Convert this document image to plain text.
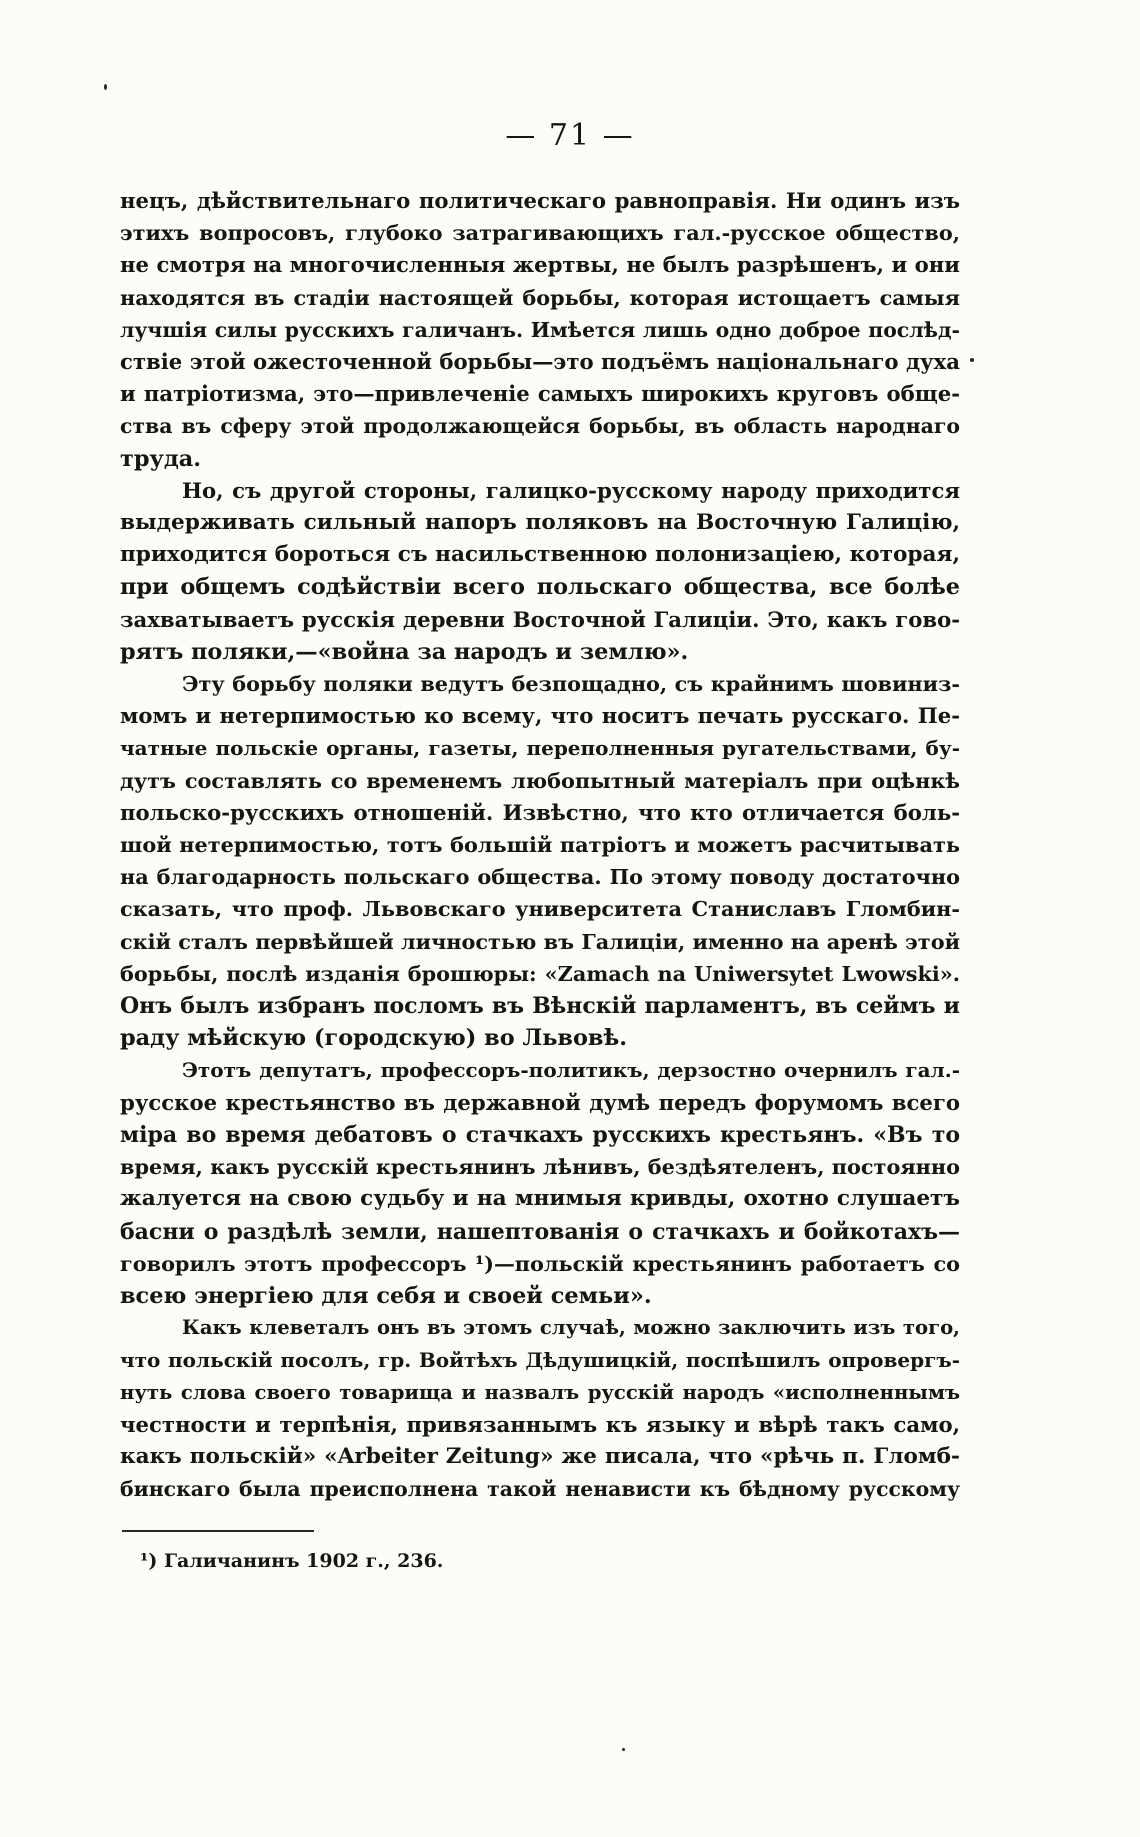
— 71 —
нецъ, дѣйствительнаго политическаго равноправія. Ни одинъ изъ
этихъ вопросовъ, глубоко затрагивающихъ гал.-русское общество,
не смотря на многочисленныя жертвы, не былъ разрѣшенъ, и они
находятся въ стадіи настоящей борьбы, которая истощаетъ самыя
лучшія силы русскихъ галичанъ. Имѣется лишь одно доброе послѣд-
ствіе этой ожесточенной борьбы—это подъёмъ національнаго духа
и патріотизма, это—привлеченіе самыхъ широкихъ круговъ обще-
ства въ сферу этой продолжающейся борьбы, въ область народнаго
труда.
Но, съ другой стороны, галицко-русскому народу приходится
выдерживать сильный напоръ поляковъ на Восточную Галицію,
приходится бороться съ насильственною полонизаціею, которая,
при общемъ содѣйствіи всего польскаго общества, все болѣе
захватываетъ русскія деревни Восточной Галиціи. Это, какъ гово-
рятъ поляки,—«война за народъ и землю».
Эту борьбу поляки ведутъ безпощадно, съ крайнимъ шовиниз-
момъ и нетерпимостью ко всему, что носитъ печать русскаго. Пе-
чатные польскіе органы, газеты, переполненныя ругательствами, бу-
дутъ составлять со временемъ любопытный матеріалъ при оцѣнкѣ
польско-русскихъ отношеній. Извѣстно, что кто отличается боль-
шой нетерпимостью, тотъ большій патріотъ и можетъ расчитывать
на благодарность польскаго общества. По этому поводу достаточно
сказать, что проф. Львовскаго университета Станиславъ Гломбин-
скій сталъ первѣйшей личностью въ Галиціи, именно на аренѣ этой
борьбы, послѣ изданія брошюры: «Zamach na Uniwersytet Lwowski».
Онъ былъ избранъ посломъ въ Вѣнскій парламентъ, въ сеймъ и
раду мѣйскую (городскую) во Львовѣ.
Этотъ депутатъ, профессоръ-политикъ, дерзостно очернилъ гал.-
русское крестьянство въ державной думѣ передъ форумомъ всего
міра во время дебатовъ о стачкахъ русскихъ крестьянъ. «Въ то
время, какъ русскій крестьянинъ лѣнивъ, бездѣятеленъ, постоянно
жалуется на свою судьбу и на мнимыя кривды, охотно слушаетъ
басни о раздѣлѣ земли, нашептованія о стачкахъ и бойкотахъ—
говорилъ этотъ профессоръ ¹)—польскій крестьянинъ работаетъ со
всею энергіею для себя и своей семьи».
Какъ клеветалъ онъ въ этомъ случаѣ, можно заключить изъ того,
что польскій посолъ, гр. Войтѣхъ Дѣдушицкій, поспѣшилъ опровергъ-
нуть слова своего товарища и назвалъ русскій народъ «исполненнымъ
честности и терпѣнія, привязаннымъ къ языку и вѣрѣ такъ само,
какъ польскій» «Arbeiter Zeitung» же писала, что «рѣчь п. Гломб-
бинскаго была преисполнена такой ненависти къ бѣдному русскому
¹) Галичанинъ 1902 г., 236.
